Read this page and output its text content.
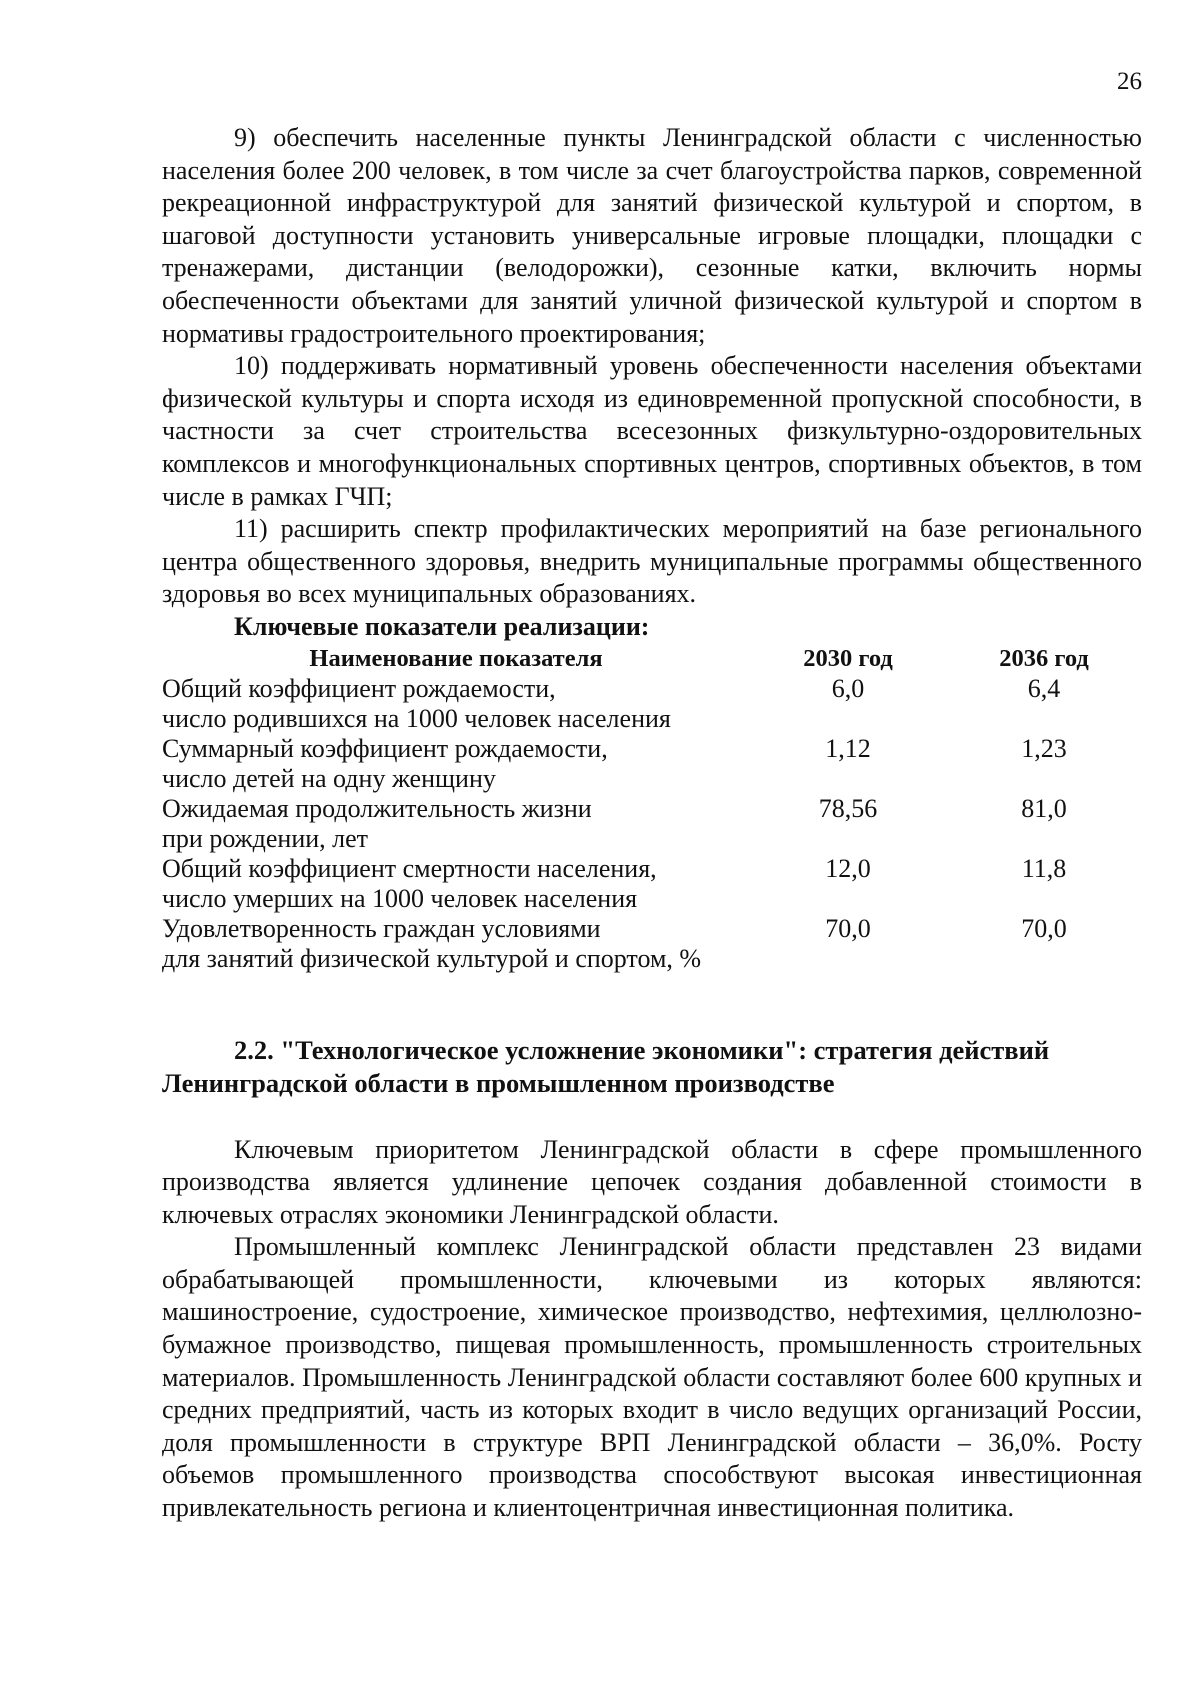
26

9) обеспечить населенные пункты Ленинградской области с численностью населения более 200 человек, в том числе за счет благоустройства парков, современной рекреационной инфраструктурой для занятий физической культурой и спортом, в шаговой доступности установить универсальные игровые площадки, площадки с тренажерами, дистанции (велодорожки), сезонные катки, включить нормы обеспеченности объектами для занятий уличной физической культурой и спортом в нормативы градостроительного проектирования;

10) поддерживать нормативный уровень обеспеченности населения объектами физической культуры и спорта исходя из единовременной пропускной способности, в частности за счет строительства всесезонных физкультурно-оздоровительных комплексов и многофункциональных спортивных центров, спортивных объектов, в том числе в рамках ГЧП;

11) расширить спектр профилактических мероприятий на базе регионального центра общественного здоровья, внедрить муниципальные программы общественного здоровья во всех муниципальных образованиях.

Ключевые показатели реализации:

Наименование показателя	2030 год	2036 год

Общий коэффициент рождаемости,
число родившихся на 1000 человек населения	6,0	6,4

Суммарный коэффициент рождаемости,
число детей на одну женщину	1,12	1,23

Ожидаемая продолжительность жизни
при рождении, лет	78,56	81,0

Общий коэффициент смертности населения,
число умерших на 1000 человек населения	12,0	11,8

Удовлетворенность граждан условиями
для занятий физической культурой и спортом, %	70,0	70,0
2.2. "Технологическое усложнение экономики": стратегия действий
Ленинградской области в промышленном производстве

Ключевым приоритетом Ленинградской области в сфере промышленного производства является удлинение цепочек создания добавленной стоимости в ключевых отраслях экономики Ленинградской области.

Промышленный комплекс Ленинградской области представлен 23 видами обрабатывающей промышленности, ключевыми из которых являются: машиностроение, судостроение, химическое производство, нефтехимия, целлюлозно-бумажное производство, пищевая промышленность, промышленность строительных материалов. Промышленность Ленинградской области составляют более 600 крупных и средних предприятий, часть из которых входит в число ведущих организаций России, доля промышленности в структуре ВРП Ленинградской области – 36,0%. Росту объемов промышленного производства способствуют высокая инвестиционная привлекательность региона и клиентоцентричная инвестиционная политика.
